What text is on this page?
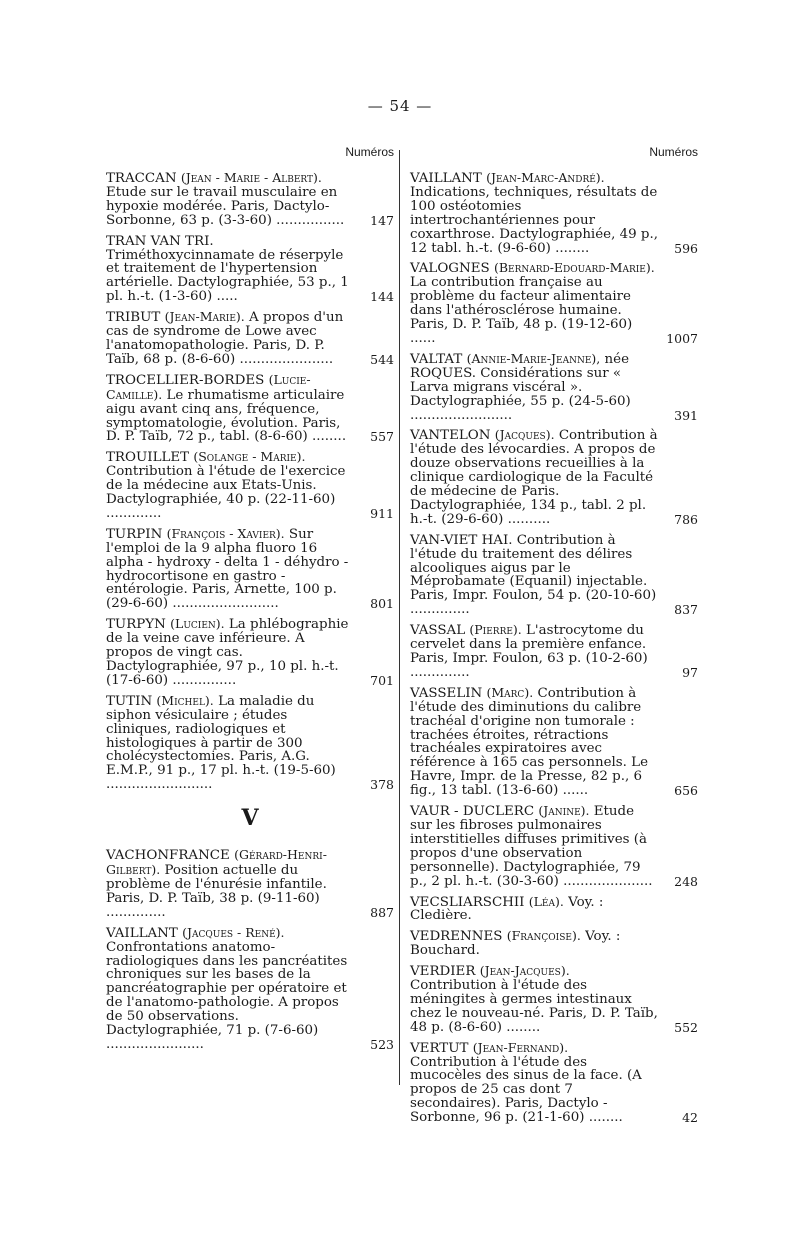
— 54 —
Numéros
TRACCAN (Jean - Marie - Albert). Etude sur le travail musculaire en hypoxie modérée. Paris, Dactylo-Sorbonne, 63 p. (3-3-60) ................ 147
TRAN VAN TRI. Triméthoxycinnamate de réserpyle et traitement de l'hypertension artérielle. Dactylographiée, 53 p., 1 pl. h.-t. (1-3-60) .....	144
TRIBUT (Jean-Marie). A propos d'un cas de syndrome de Lowe avec l'anatomopathologie. Paris, D. P. Taïb, 68 p. (8-6-60) ......................	544
TROCELLIER-BORDES (Lucie-Camille). Le rhumatisme articulaire aigu avant cinq ans, fréquence, symptomatologie, évolution. Paris, D. P. Taïb, 72 p., tabl. (8-6-60) ........ 557
TROUILLET (Solange - Marie). Contribution à l'étude de l'exercice de la médecine aux Etats-Unis. Dactylographiée, 40 p. (22-11-60) .............	911
TURPIN (François - Xavier). Sur l'emploi de la 9 alpha fluoro 16 alpha - hydroxy - delta 1 - déhydro - hydrocortisone en gastro - entérologie. Paris, Arnette, 100 p. (29-6-60) .........................	801
TURPYN (Lucien). La phlébographie de la veine cave inférieure. A propos de vingt cas. Dactylographiée, 97 p., 10 pl. h.-t. (17-6-60) ...............	701
TUTIN (Michel). La maladie du siphon vésiculaire ; études cliniques, radiologiques et histologiques à partir de 300 cholécystectomies. Paris, A.G. E.M.P., 91 p., 17 pl. h.-t. (19-5-60) .........................	378
V
VACHONFRANCE (Gérard-Henri-Gilbert). Position actuelle du problème de l'énurésie infantile. Paris, D. P. Taïb, 38 p. (9-11-60) ..............	887
VAILLANT (Jacques - René). Confrontations anatomo-radiologiques dans les pancréatites chroniques sur les bases de la pancréatographie per opératoire et de l'anatomo-pathologie. A propos de 50 observations. Dactylographiée, 71 p. (7-6-60) .......................	523
Numéros
VAILLANT (Jean-Marc-André). Indications, techniques, résultats de 100 ostéotomies intertrochantériennes pour coxarthrose. Dactylographiée, 49 p., 12 tabl. h.-t. (9-6-60) ........	596
VALOGNES (Bernard-Edouard-Marie). La contribution française au problème du facteur alimentaire dans l'athérosclérose humaine. Paris, D. P. Taïb, 48 p. (19-12-60) ......	1007
VALTAT (Annie-Marie-Jeanne), née ROQUES. Considérations sur « Larva migrans viscéral ». Dactylographiée, 55 p. (24-5-60) ........................	391
VANTELON (Jacques). Contribution à l'étude des lévocardies. A propos de douze observations recueillies à la clinique cardiologique de la Faculté de médecine de Paris. Dactylographiée, 134 p., tabl. 2 pl. h.-t. (29-6-60) ..........	786
VAN-VIET HAI. Contribution à l'étude du traitement des délires alcooliques aigus par le Méprobamate (Equanil) injectable. Paris, Impr. Foulon, 54 p. (20-10-60) ..............	837
VASSAL (Pierre). L'astrocytome du cervelet dans la première enfance. Paris, Impr. Foulon, 63 p. (10-2-60) ..............	97
VASSELIN (Marc). Contribution à l'étude des diminutions du calibre trachéal d'origine non tumorale : trachées étroites, rétractions trachéales expiratoires avec référence à 165 cas personnels. Le Havre, Impr. de la Presse, 82 p., 6 fig., 13 tabl. (13-6-60) ......	656
VAUR - DUCLERC (Janine). Etude sur les fibroses pulmonaires interstitielles diffuses primitives (à propos d'une observation personnelle). Dactylographiée, 79 p., 2 pl. h.-t. (30-3-60) ..................... 248
VECSLIARSCHII (Léa). Voy. : Cledière.
VEDRENNES (Françoise). Voy. : Bouchard.
VERDIER (Jean-Jacques). Contribution à l'étude des méningites à germes intestinaux chez le nouveau-né. Paris, D. P. Taïb, 48 p. (8-6-60) ........	552
VERTUT (Jean-Fernand). Contribution à l'étude des mucocèles des sinus de la face. (A propos de 25 cas dont 7 secondaires). Paris, Dactylo - Sorbonne, 96 p. (21-1-60) ........	42
